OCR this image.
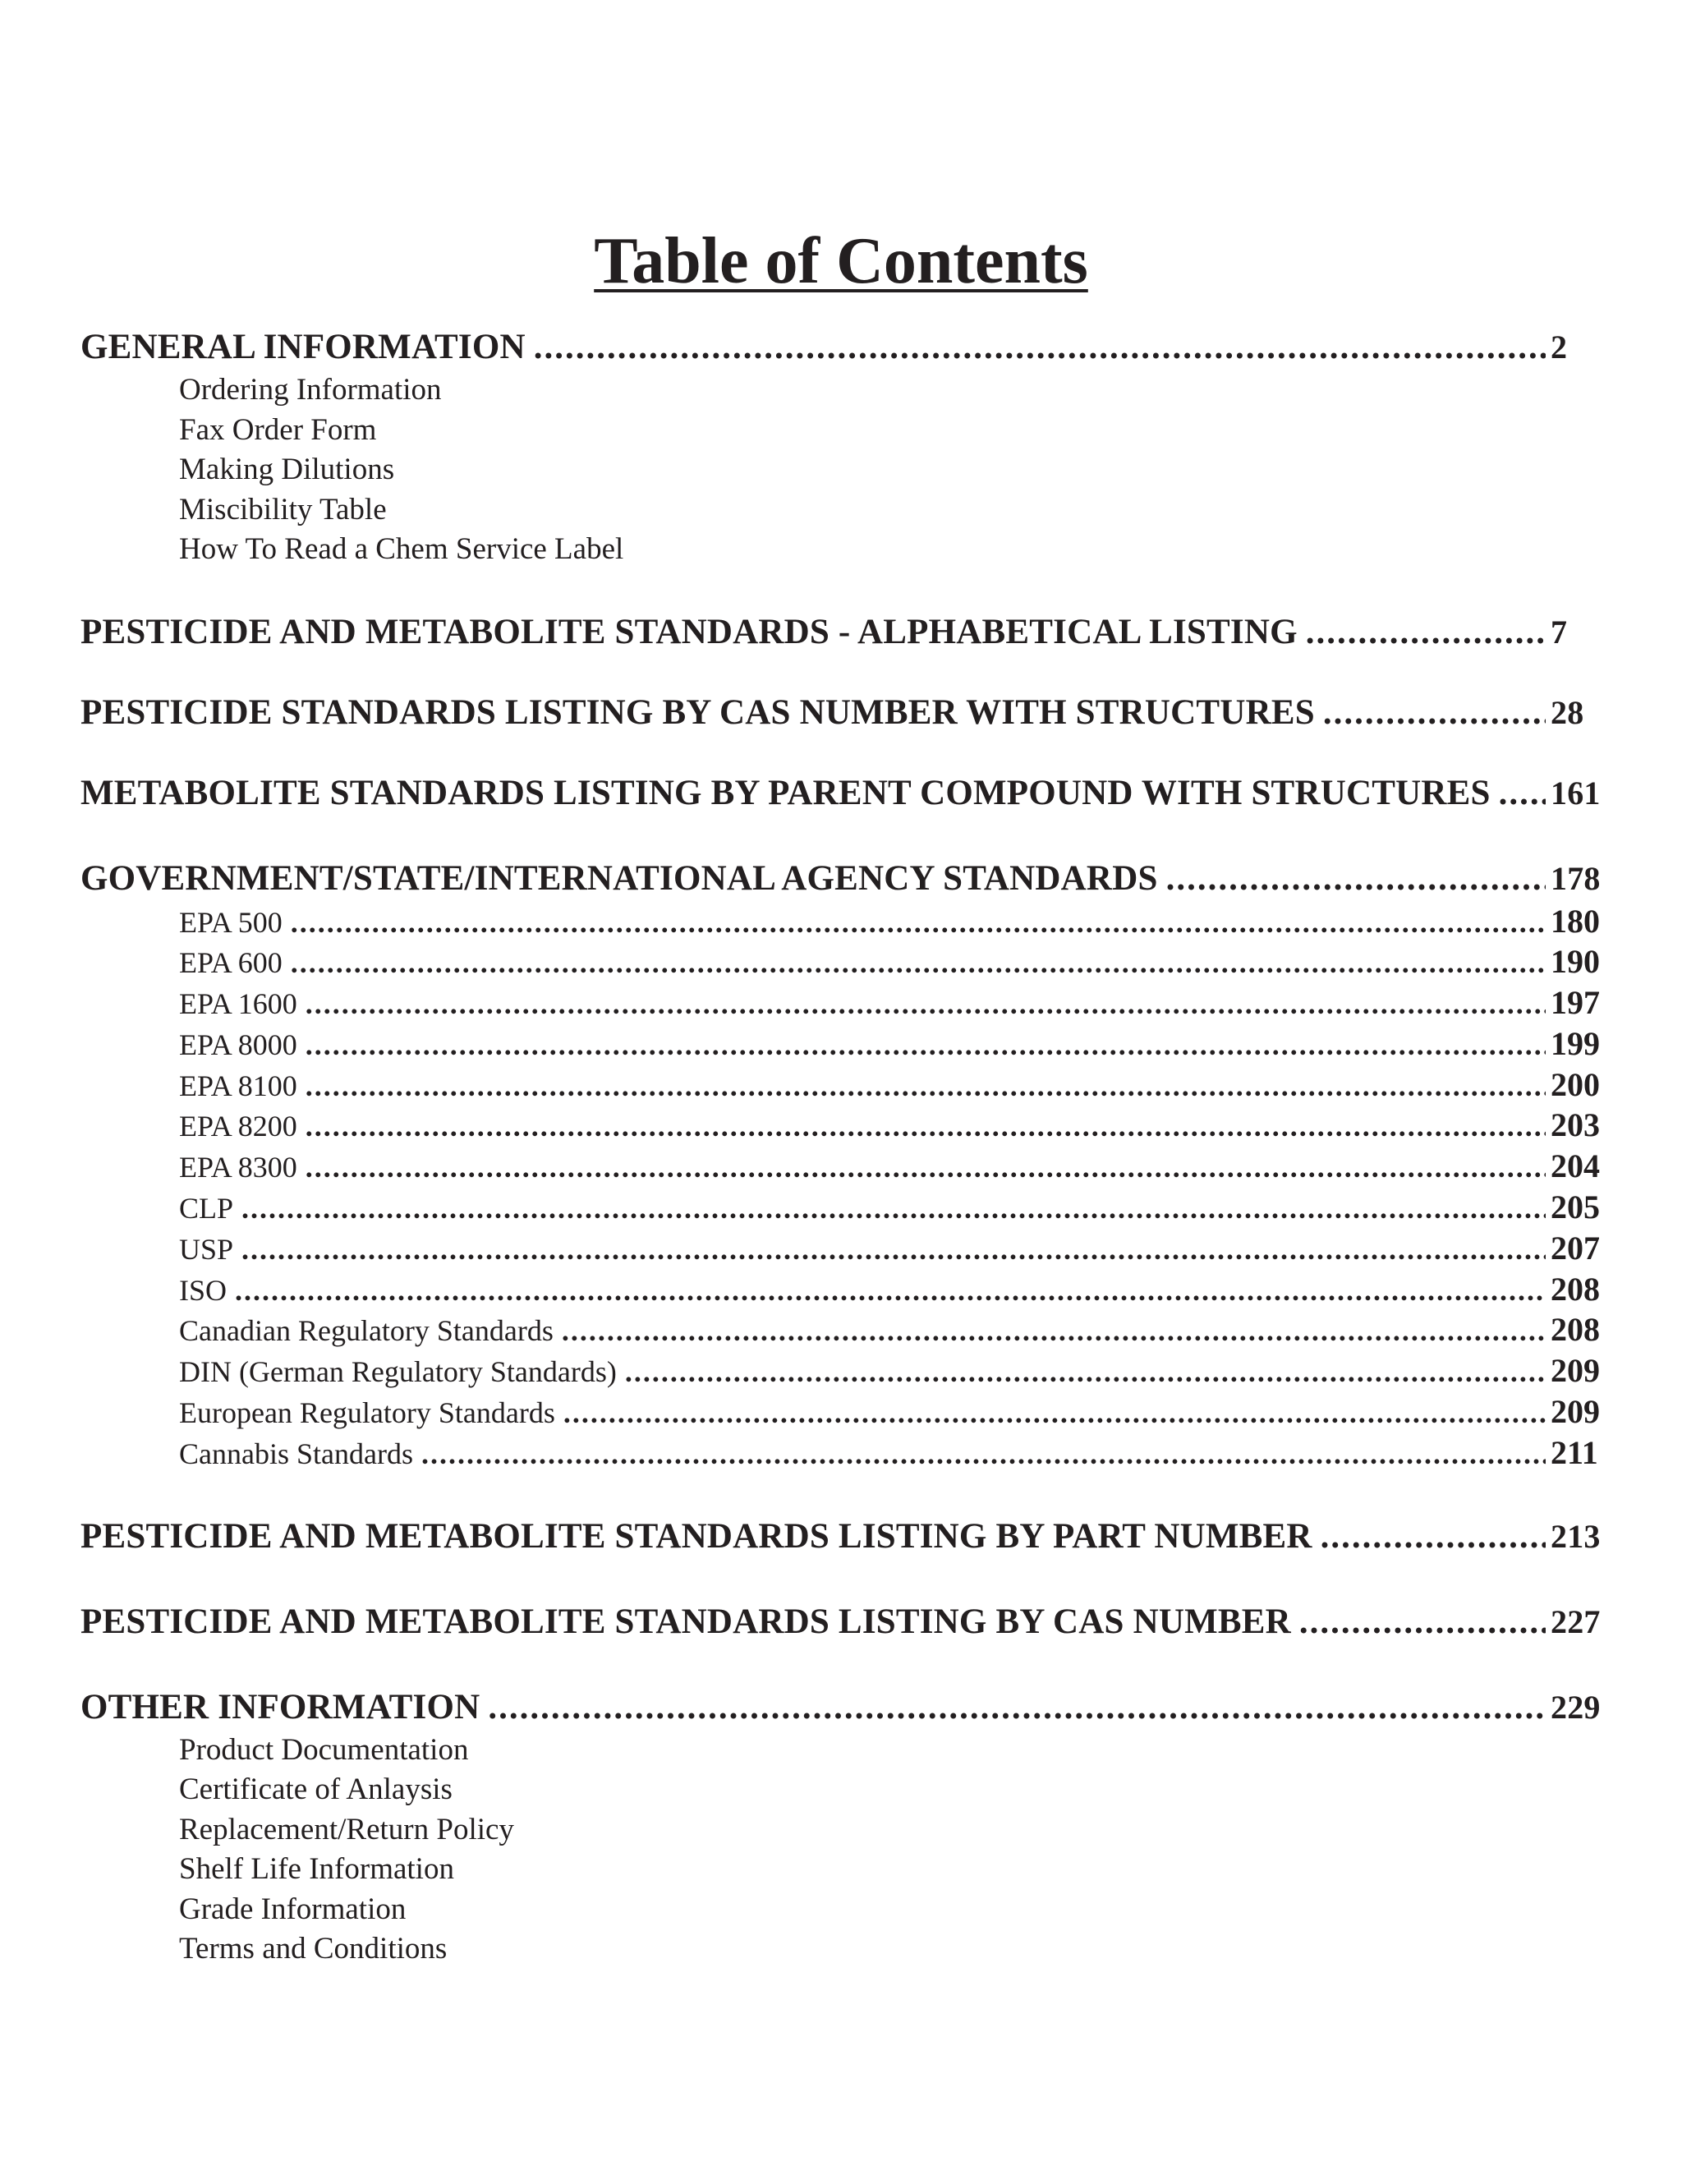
Table of Contents
GENERAL INFORMATION .....	2
Ordering Information
Fax Order Form
Making Dilutions
Miscibility Table
How To Read a Chem Service Label
PESTICIDE AND METABOLITE STANDARDS - ALPHABETICAL LISTING .....	7
PESTICIDE STANDARDS LISTING BY CAS NUMBER WITH STRUCTURES .....	28
METABOLITE STANDARDS LISTING BY PARENT COMPOUND WITH STRUCTURES ..... 161
GOVERNMENT/STATE/INTERNATIONAL AGENCY STANDARDS .....	178
EPA 500 .....	180
EPA 600 .....	190
EPA 1600 .....	197
EPA 8000 .....	199
EPA 8100 .....	200
EPA 8200 .....	203
EPA 8300 .....	204
CLP .....	205
USP .....	207
ISO .....	208
Canadian Regulatory Standards .....	208
DIN (German Regulatory Standards) .....	209
European Regulatory Standards .....	209
Cannabis Standards .....	211
PESTICIDE AND METABOLITE STANDARDS LISTING BY PART NUMBER .....	213
PESTICIDE AND METABOLITE STANDARDS LISTING BY CAS NUMBER .....	227
OTHER INFORMATION .....	229
Product Documentation
Certificate of Anlaysis
Replacement/Return Policy
Shelf Life Information
Grade Information
Terms and Conditions
